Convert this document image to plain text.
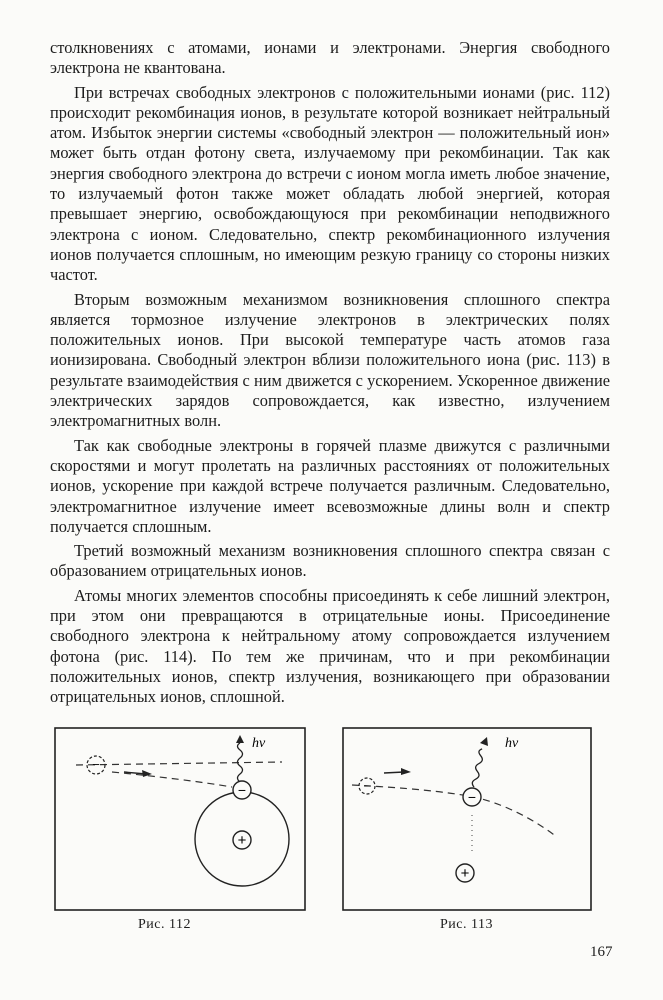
столкновениях с атомами, ионами и электронами. Энергия свободного электрона не квантована.

При встречах свободных электронов с положительными ионами (рис. 112) происходит рекомбинация ионов, в результате которой возникает нейтральный атом. Избыток энергии системы «свободный электрон — положительный ион» может быть отдан фотону света, излучаемому при рекомбинации. Так как энергия свободного электрона до встречи с ионом могла иметь любое значение, то излучаемый фотон также может обладать любой энергией, которая превышает энергию, освобождающуюся при рекомбинации неподвижного электрона с ионом. Следовательно, спектр рекомбинационного излучения ионов получается сплошным, но имеющим резкую границу со стороны низких частот.

Вторым возможным механизмом возникновения сплошного спектра является тормозное излучение электронов в электрических полях положительных ионов. При высокой температуре часть атомов газа ионизирована. Свободный электрон вблизи положительного иона (рис. 113) в результате взаимодействия с ним движется с ускорением. Ускоренное движение электрических зарядов сопровождается, как известно, излучением электромагнитных волн.

Так как свободные электроны в горячей плазме движутся с различными скоростями и могут пролетать на различных расстояниях от положительных ионов, ускорение при каждой встрече получается различным. Следовательно, электромагнитное излучение имеет всевозможные длины волн и спектр получается сплошным.

Третий возможный механизм возникновения сплошного спектра связан с образованием отрицательных ионов.

Атомы многих элементов способны присоединять к себе лишний электрон, при этом они превращаются в отрицательные ионы. Присоединение свободного электрона к нейтральному атому сопровождается излучением фотона (рис. 114). По тем же причинам, что и при рекомбинации положительных ионов, спектр излучения, возникающего при образовании отрицательных ионов, сплошной.

−
hν
−
+
Рис. 112
−
hν
−
+
Рис. 113
167
